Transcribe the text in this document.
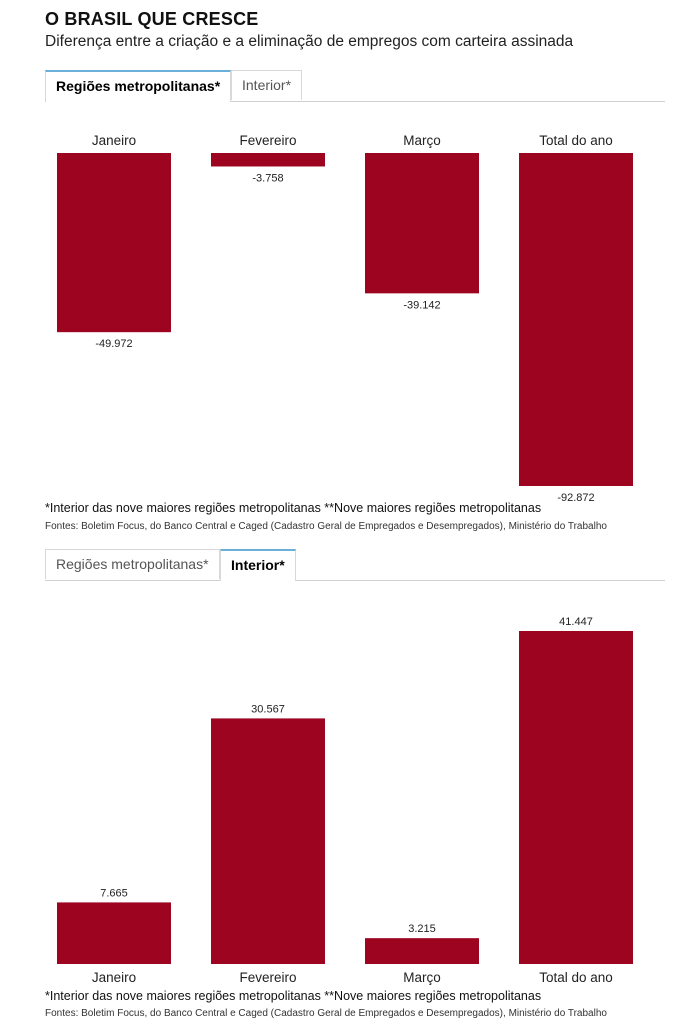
O BRASIL QUE CRESCE

Diferença entre a criação e a eliminação de empregos com carteira assinada

Regiões metropolitanas*	Interior*
Janeiro
-49.972
Fevereiro
-3.758
Março
-39.142
Total do ano
-92.872
*Interior das nove maiores regiões metropolitanas **Nove maiores regiões metropolitanas
Fontes: Boletim Focus, do Banco Central e Caged (Cadastro Geral de Empregados e Desempregados), Ministério do Trabalho
Regiões metropolitanas*	Interior*
7.665
Janeiro
30.567
Fevereiro
3.215
Março
41.447
Total do ano
*Interior das nove maiores regiões metropolitanas **Nove maiores regiões metropolitanas
Fontes: Boletim Focus, do Banco Central e Caged (Cadastro Geral de Empregados e Desempregados), Ministério do Trabalho
